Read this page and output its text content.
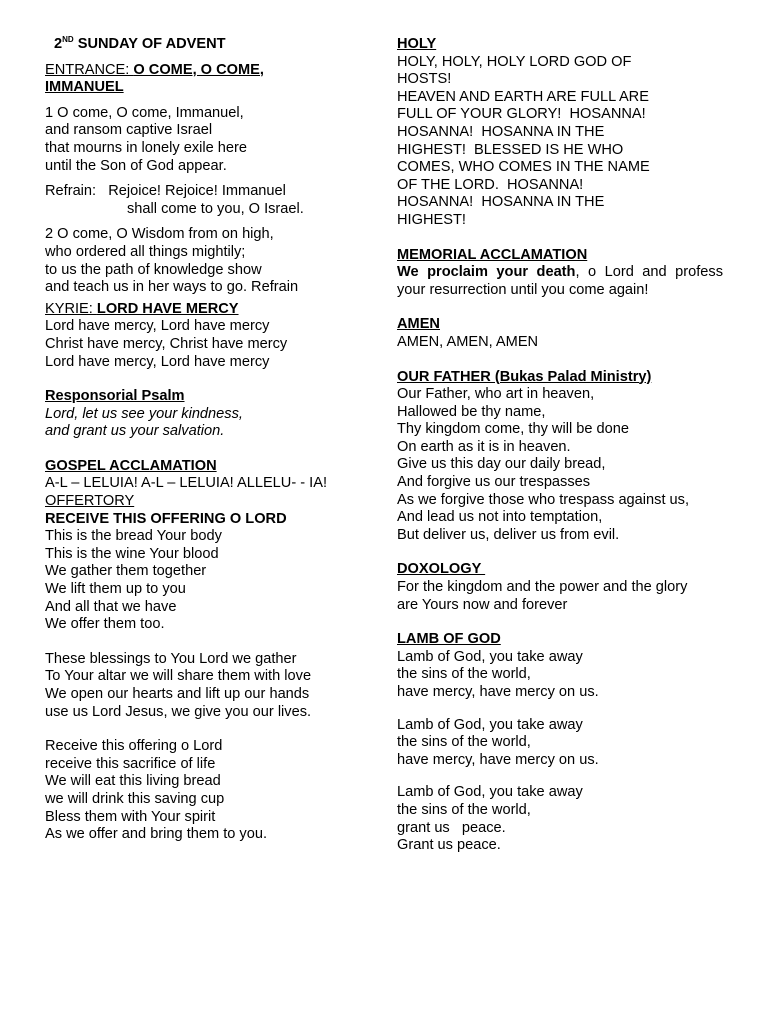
2ND SUNDAY OF ADVENT
ENTRANCE: O COME, O COME,
IMMANUEL
1 O come, O come, Immanuel,
and ransom captive Israel
that mourns in lonely exile here
until the Son of God appear.
Refrain:   Rejoice! Rejoice! Immanuel
shall come to you, O Israel.
2 O come, O Wisdom from on high,
who ordered all things mightily;
to us the path of knowledge show
and teach us in her ways to go. Refrain
KYRIE: LORD HAVE MERCY
Lord have mercy, Lord have mercy
Christ have mercy, Christ have mercy
Lord have mercy, Lord have mercy
Responsorial Psalm
Lord, let us see your kindness,
and grant us your salvation.
GOSPEL ACCLAMATION
A-L – LELUIA! A-L – LELUIA! ALLELU- - IA!
OFFERTORY
RECEIVE THIS OFFERING O LORD
This is the bread Your body
This is the wine Your blood
We gather them together
We lift them up to you
And all that we have
We offer them too.
These blessings to You Lord we gather
To Your altar we will share them with love
We open our hearts and lift up our hands
use us Lord Jesus, we give you our lives.
Receive this offering o Lord
receive this sacrifice of life
We will eat this living bread
we will drink this saving cup
Bless them with Your spirit
As we offer and bring them to you.
HOLY
HOLY, HOLY, HOLY LORD GOD OF
HOSTS!
HEAVEN AND EARTH ARE FULL ARE
FULL OF YOUR GLORY!  HOSANNA!
HOSANNA!  HOSANNA IN THE
HIGHEST!  BLESSED IS HE WHO
COMES, WHO COMES IN THE NAME
OF THE LORD.  HOSANNA!
HOSANNA!  HOSANNA IN THE
HIGHEST!
MEMORIAL ACCLAMATION
We proclaim your death, o Lord and profess your resurrection until you come again!
AMEN
AMEN, AMEN, AMEN
OUR FATHER (Bukas Palad Ministry)
Our Father, who art in heaven,
Hallowed be thy name,
Thy kingdom come, thy will be done
On earth as it is in heaven.
Give us this day our daily bread,
And forgive us our trespasses
As we forgive those who trespass against us,
And lead us not into temptation,
But deliver us, deliver us from evil.
DOXOLOGY
For the kingdom and the power and the glory
are Yours now and forever
LAMB OF GOD
Lamb of God, you take away
the sins of the world,
have mercy, have mercy on us.
Lamb of God, you take away
the sins of the world,
have mercy, have mercy on us.
Lamb of God, you take away
the sins of the world,
grant us   peace.
Grant us peace.
